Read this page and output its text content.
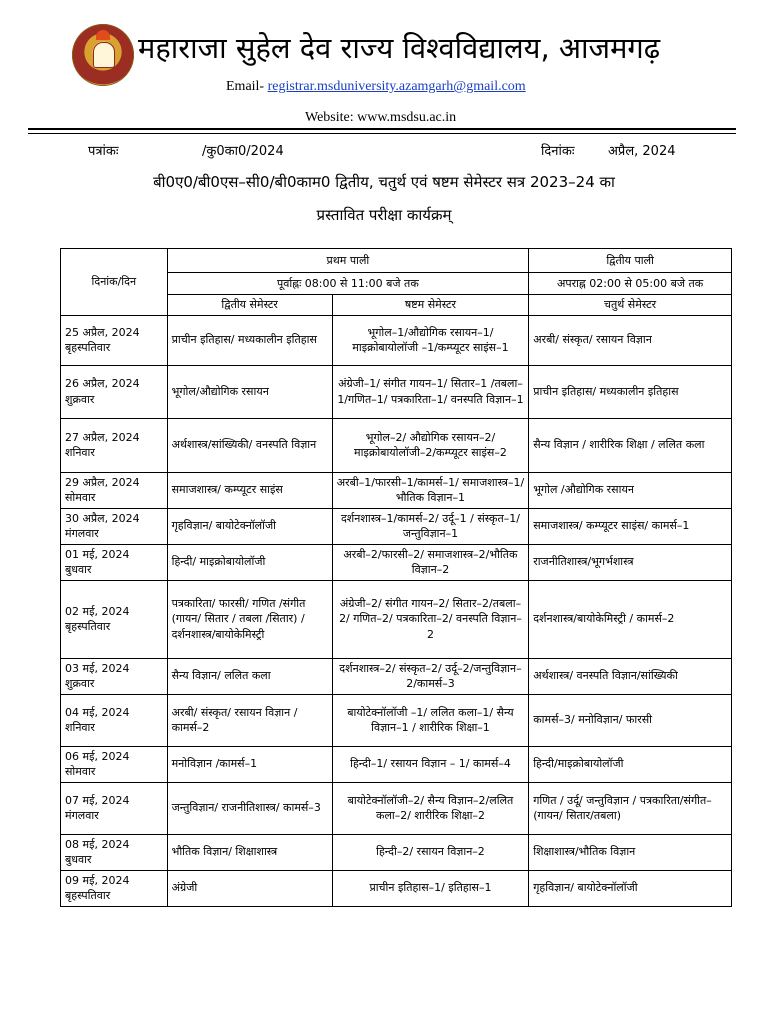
महाराजा सुहेल देव राज्य विश्वविद्यालय, आजमगढ़
Email- registrar.msduniversity.azamgarh@gmail.com
Website: www.msdsu.ac.in
पत्रांकः	/कु0का0/2024	दिनांकः	अप्रैल, 2024
बी0ए0/बी0एस–सी0/बी0काम0 द्वितीय, चतुर्थ एवं षष्टम सेमेस्टर सत्र 2023–24 का
प्रस्तावित परीक्षा कार्यक्रम्
दिनांक/दिन	प्रथम पाली		द्वितीय पाली
	पूर्वाह्नः 08:00 से 11:00 बजे तक		अपराह्न 02:00 से 05:00 बजे तक
	द्वितीय सेमेस्टर	षष्टम सेमेस्टर	चतुर्थ सेमेस्टर

25 अप्रैल, 2024
बृहस्पतिवार	प्राचीन इतिहास/ मध्यकालीन इतिहास	भूगोल–1/औद्योगिक रसायन–1/ माइक्रोबायोलॉजी –1/कम्प्यूटर साइंस–1	अरबी/ संस्कृत/ रसायन विज्ञान

26 अप्रैल, 2024
शुक्रवार	भूगोल/औद्योगिक रसायन	अंग्रेजी–1/ संगीत गायन–1/ सितार–1 /तबला–1/गणित–1/ पत्रकारिता–1/ वनस्पति विज्ञान–1	प्राचीन इतिहास/ मध्यकालीन इतिहास

27 अप्रैल, 2024
शनिवार	अर्थशास्त्र/सांख्यिकी/ वनस्पति विज्ञान	भूगोल–2/ औद्योगिक रसायन–2/ माइक्रोबायोलॉजी–2/कम्प्यूटर साइंस–2	सैन्य विज्ञान / शारीरिक शिक्षा / ललित कला

29 अप्रैल, 2024
सोमवार	समाजशास्त्र/ कम्प्यूटर साइंस	अरबी–1/फारसी–1/कामर्स–1/ समाजशास्त्र–1/ भौतिक विज्ञान–1	भूगोल /औद्योगिक रसायन

30 अप्रैल, 2024
मंगलवार	गृहविज्ञान/ बायोटेक्नॉलॉजी	दर्शनशास्त्र–1/कामर्स–2/ उर्दू–1 / संस्कृत–1/जन्तुविज्ञान–1	समाजशास्त्र/ कम्प्यूटर साइंस/ कामर्स–1

01 मई, 2024
बुधवार	हिन्दी/ माइक्रोबायोलॉजी	अरबी–2/फारसी–2/ समाजशास्त्र–2/भौतिक विज्ञान–2	राजनीतिशास्त्र/भूगर्भशास्त्र

02 मई, 2024
बृहस्पतिवार	पत्रकारिता/ फारसी/ गणित /संगीत (गायन/ सितार / तबला /सितार) / दर्शनशास्त्र/बायोकेमिस्ट्री	अंग्रेजी–2/ संगीत गायन–2/ सितार–2/तबला–2/ गणित–2/ पत्रकारिता–2/ वनस्पति विज्ञान–2	दर्शनशास्त्र/बायोकेमिस्ट्री / कामर्स–2

03 मई, 2024
शुक्रवार	सैन्य विज्ञान/ ललित कला	दर्शनशास्त्र–2/ संस्कृत–2/ उर्दू–2/जन्तुविज्ञान–2/कामर्स–3	अर्थशास्त्र/ वनस्पति विज्ञान/सांख्यिकी

04 मई, 2024
शनिवार	अरबी/ संस्कृत/ रसायन विज्ञान / कामर्स–2	बायोटेक्नॉलॉजी –1/ ललित कला–1/ सैन्य विज्ञान–1 / शारीरिक शिक्षा–1	कामर्स–3/ मनोविज्ञान/ फारसी

06 मई, 2024
सोमवार	मनोविज्ञान /कामर्स–1	हिन्दी–1/ रसायन विज्ञान – 1/ कामर्स–4	हिन्दी/माइक्रोबायोलॉजी

07 मई, 2024
मंगलवार	जन्तुविज्ञान/ राजनीतिशास्त्र/ कामर्स–3	बायोटेक्नॉलॉजी–2/ सैन्य विज्ञान–2/ललित कला–2/ शारीरिक शिक्षा–2	गणित / उर्दू/ जन्तुविज्ञान / पत्रकारिता/संगीत– (गायन/ सितार/तबला)

08 मई, 2024
बुधवार	भौतिक विज्ञान/ शिक्षाशास्त्र	हिन्दी–2/ रसायन विज्ञान–2	शिक्षाशास्त्र/भौतिक विज्ञान

09 मई, 2024
बृहस्पतिवार	अंग्रेजी	प्राचीन इतिहास–1/ इतिहास–1	गृहविज्ञान/ बायोटेक्नॉलॉजी
